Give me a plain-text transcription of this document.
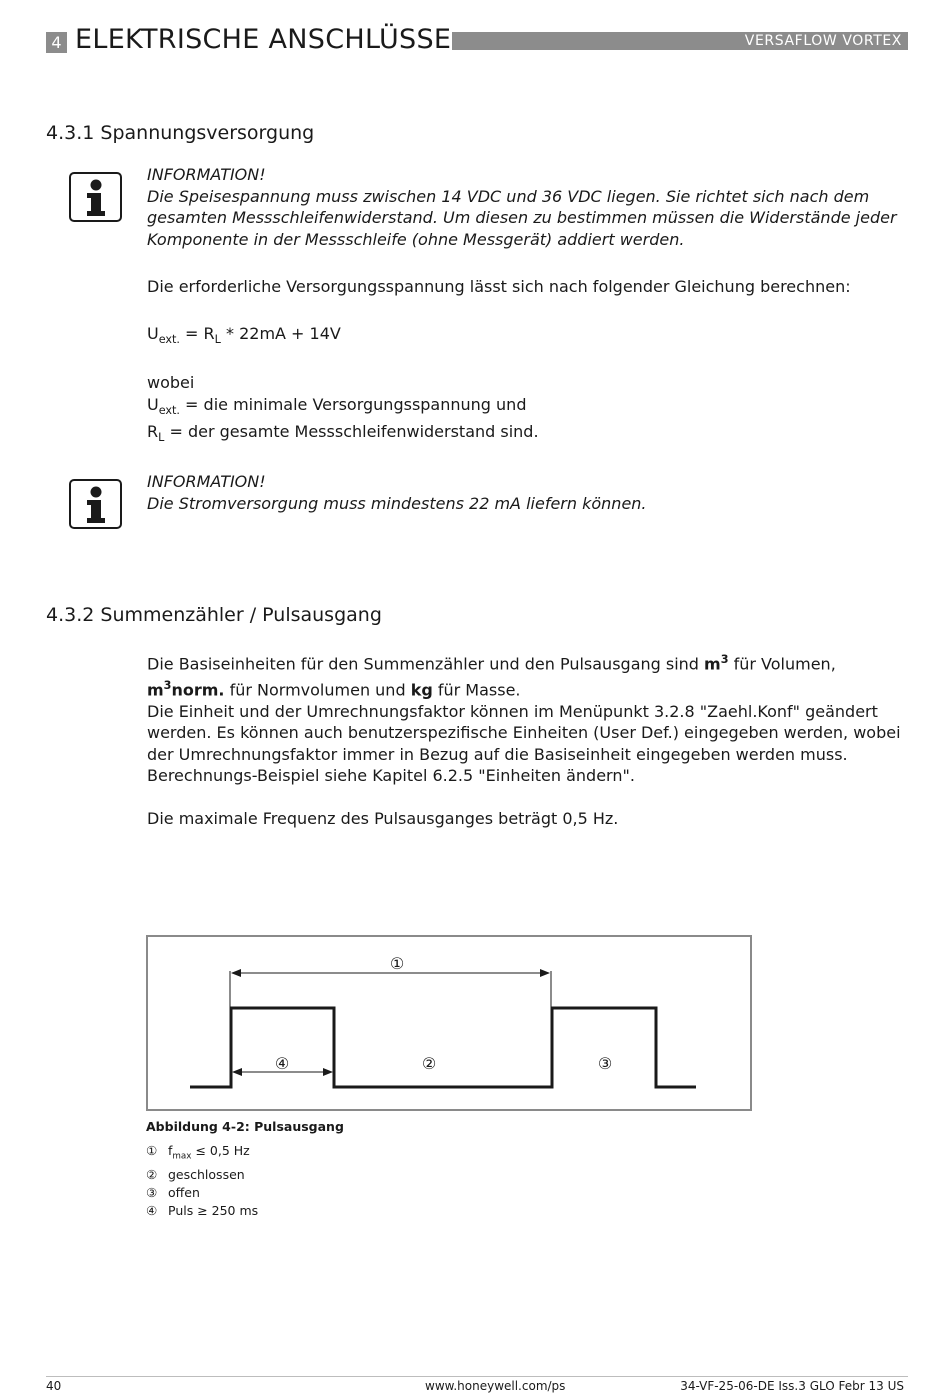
4 ELEKTRISCHE ANSCHLÜSSE	VERSAFLOW VORTEX
4.3.1 Spannungsversorgung
INFORMATION!
Die Speisespannung muss zwischen 14 VDC und 36 VDC liegen. Sie richtet sich nach dem
gesamten Messschleifenwiderstand. Um diesen zu bestimmen müssen die Widerstände jeder
Komponente in der Messschleife (ohne Messgerät) addiert werden.
Die erforderliche Versorgungsspannung lässt sich nach folgender Gleichung berechnen:
$U_{ext.} = R_L * 22mA + 14V$
wobei
$U_{ext.}$ = die minimale Versorgungsspannung und
$R_L$ = der gesamte Messschleifenwiderstand sind.
INFORMATION!
Die Stromversorgung muss mindestens 22 mA liefern können.
4.3.2 Summenzähler / Pulsausgang
Die Basiseinheiten für den Summenzähler und den Pulsausgang sind $m^3$ für Volumen,
$m^3norm$. für Normvolumen und kg für Masse.
Die Einheit und der Umrechnungsfaktor können im Menüpunkt 3.2.8 "Zaehl.Konf" geändert
werden. Es können auch benutzerspezifische Einheiten (User Def.) eingegeben werden, wobei
der Umrechnungsfaktor immer in Bezug auf die Basiseinheit eingegeben werden muss.
Berechnungs-Beispiel siehe Kapitel 6.2.5 "Einheiten ändern".
Die maximale Frequenz des Pulsausganges beträgt 0,5 Hz.
①
②	③
④
Abbildung 4-2: Pulsausgang
① $f_{max} \le 0,5$ Hz
② geschlossen
③ offen
④ Puls ≥ 250 ms
40	www.honeywell.com/ps	34-VF-25-06-DE Iss.3 GLO Febr 13 US
